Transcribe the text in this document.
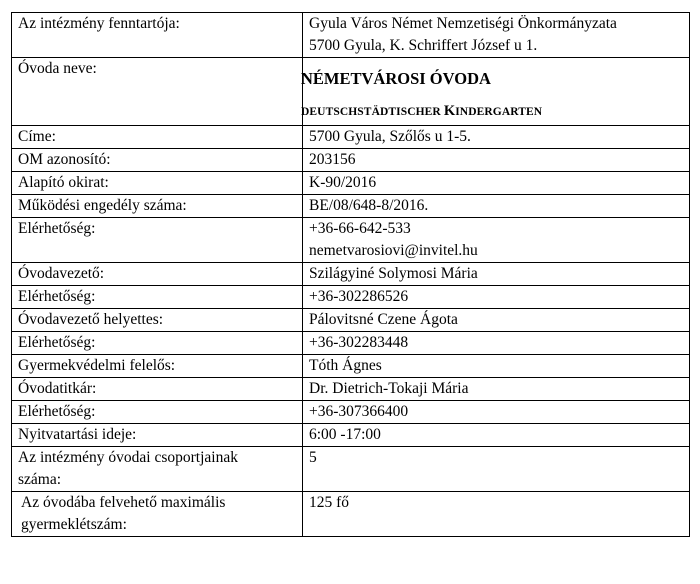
Az intézmény fenntartója:	Gyula Város Német Nemzetiségi Önkormányzata
5700 Gyula, K. Schriffert József u 1.

Óvoda neve:	NÉMETVÁROSI ÓVODA
DEUTSCHSTÄDTISCHER KINDERGARTEN

Címe:	5700 Gyula, Szőlős u 1-5.
OM azonosító:	203156
Alapító okirat:	K-90/2016
Működési engedély száma:	BE/08/648-8/2016.
Elérhetőség:	+36-66-642-533
nemetvarosiovi@invitel.hu

Óvodavezető:	Szilágyiné Solymosi Mária
Elérhetőség:	+36-302286526
Óvodavezető helyettes:	Pálovitsné Czene Ágota
Elérhetőség:	+36-302283448
Gyermekvédelmi felelős:	Tóth Ágnes
Óvodatitkár:	Dr. Dietrich-Tokaji Mária
Elérhetőség:	+36-307366400
Nyitvatartási ideje:	6:00 -17:00

Az intézmény óvodai csoportjainak
száma:	5

Az óvodába felvehető maximális
gyermeklétszám:	125 fő
